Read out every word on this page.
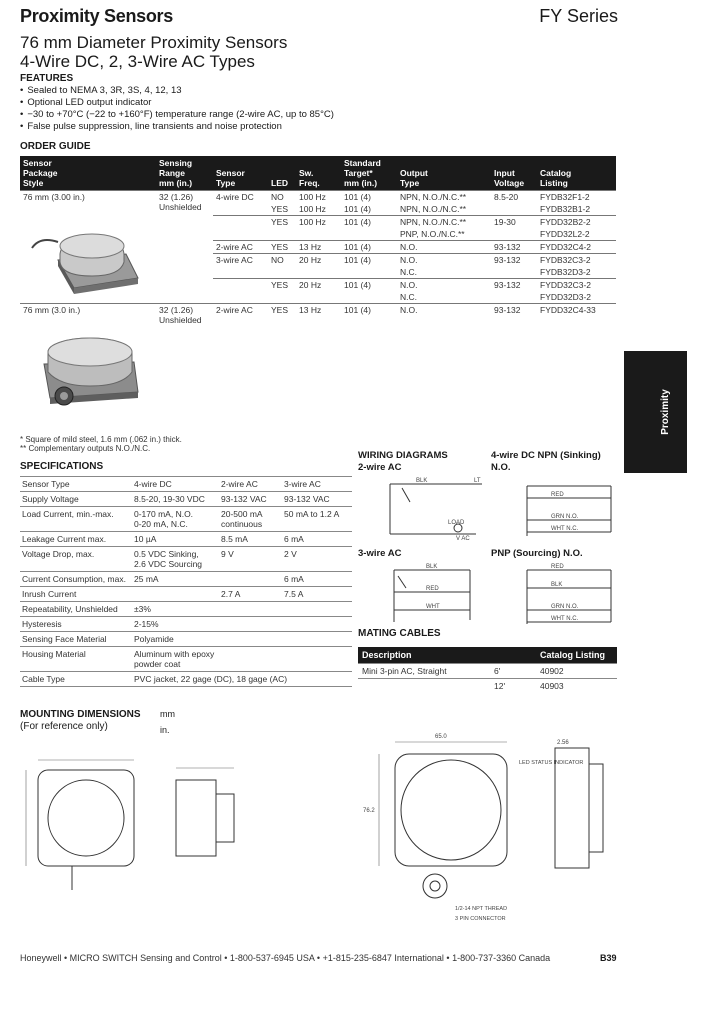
Proximity Sensors	FY Series
76 mm Diameter Proximity Sensors
4-Wire DC, 2, 3-Wire AC Types
FEATURES
• Sealed to NEMA 3, 3R, 3S, 4, 12, 13
• Optional LED output indicator
• −30 to +70°C (−22 to +160°F) temperature range (2-wire AC, up to 85°C)
• False pulse suppression, line transients and noise protection
ORDER GUIDE
Sensor
Package
Style	Sensing
Range
mm (in.)	Sensor
Type	LED	Sw.
Freq.	Standard
Target*
mm (in.)	Output
Type	Input
Voltage	Catalog
Listing
76 mm (3.00 in.)	32 (1.26)
Unshielded	4-wire DC	NO	100 Hz	101 (4)	NPN, N.O./N.C.**	8.5-20	FYDB32F1-2
			YES	100 Hz	101 (4)	NPN, N.O./N.C.**		FYDB32B1-2
			YES	100 Hz	101 (4)	NPN, N.O./N.C.**	19-30	FYDD32B2-2
						PNP, N.O./N.C.**		FYDD32L2-2
		2-wire AC	YES	13 Hz	101 (4)	N.O.	93-132	FYDD32C4-2
		3-wire AC	NO	20 Hz	101 (4)	N.O.	93-132	FYDB32C3-2
						N.C.		FYDB32D3-2
			YES	20 Hz	101 (4)	N.O.	93-132	FYDD32C3-2
						N.C.		FYDD32D3-2
76 mm (3.0 in.)	32 (1.26)
Unshielded	2-wire AC	YES	13 Hz	101 (4)	N.O.	93-132	FYDD32C4-33
Proximity
* Square of mild steel, 1.6 mm (.062 in.) thick.
** Complementary outputs N.O./N.C.
SPECIFICATIONS
Sensor Type	4-wire DC	2-wire AC	3-wire AC
Supply Voltage	8.5-20, 19-30 VDC	93-132 VAC	93-132 VAC
Load Current, min.-max.	0-170 mA, N.O.
0-20 mA, N.C.	20-500 mA
continuous	50 mA to 1.2 A
Leakage Current max.	10 µA	8.5 mA	6 mA
Voltage Drop, max.	0.5 VDC Sinking,
2.6 VDC Sourcing	9 V	2 V
Current Consumption, max.	25 mA		6 mA
Inrush Current		2.7 A	7.5 A
Repeatability, Unshielded	±3%		
Hysteresis	2-15%		
Sensing Face Material	Polyamide		
Housing Material	Aluminum with epoxy
powder coat		
Cable Type	PVC jacket, 22 gage (DC), 18 gage (AC)		
WIRING DIAGRAMS
2-wire AC
4-wire DC NPN (Sinking) N.O.
3-wire AC	PNP (Sourcing) N.O.
BLK	LT
LOAD
V AC
BLK
RED
WHT
RED
GRN N.O.
WHT N.C.
RED
BLK
GRN N.O.
WHT N.C.
MATING CABLES
Description		Catalog Listing
Mini 3-pin AC, Straight	6'	40902
	12'	40903
MOUNTING DIMENSIONS
(For reference only)
mm
in.
76.2
65.0
2.56
LED STATUS INDICATOR
1/2-14 NPT THREAD
3 PIN CONNECTOR
Honeywell • MICRO SWITCH Sensing and Control • 1-800-537-6945 USA • +1-815-235-6847 International • 1-800-737-3360 Canada	B39
